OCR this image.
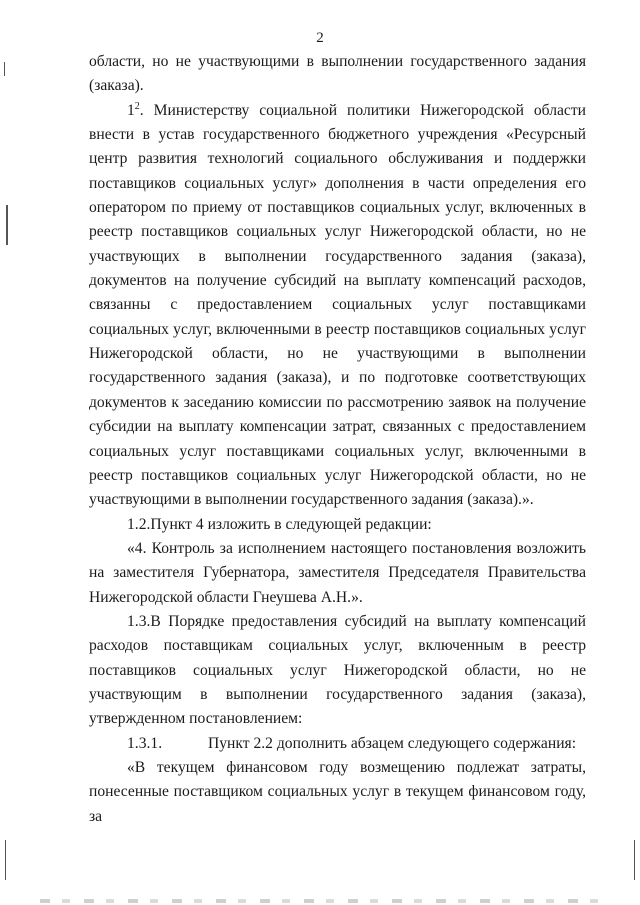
2

области, но не участвующими в выполнении государственного задания (заказа).

$1^2$. Министерству социальной политики Нижегородской области внести в устав государственного бюджетного учреждения «Ресурсный центр развития технологий социального обслуживания и поддержки поставщиков социальных услуг» дополнения в части определения его оператором по приему от поставщиков социальных услуг, включенных в реестр поставщиков социальных услуг Нижегородской области, но не участвующих в выполнении государственного задания (заказа), документов на получение субсидий на выплату компенсаций расходов, связанны с предоставлением социальных услуг поставщиками социальных услуг, включенными в реестр поставщиков социальных услуг Нижегородской области, но не участвующими в выполнении государственного задания (заказа), и по подготовке соответствующих документов к заседанию комиссии по рассмотрению заявок на получение субсидии на выплату компенсации затрат, связанных с предоставлением социальных услуг поставщиками социальных услуг, включенными в реестр поставщиков социальных услуг Нижегородской области, но не участвующими в выполнении государственного задания (заказа).».

1.2.Пункт 4 изложить в следующей редакции:

«4. Контроль за исполнением настоящего постановления возложить на заместителя Губернатора, заместителя Председателя Правительства Нижегородской области Гнеушева А.Н.».

1.3.В Порядке предоставления субсидий на выплату компенсаций расходов поставщикам социальных услуг, включенным в реестр поставщиков социальных услуг Нижегородской области, но не участвующим в выполнении государственного задания (заказа), утвержденном постановлением:

1.3.1.	Пункт 2.2 дополнить абзацем следующего содержания:

«В текущем финансовом году возмещению подлежат затраты, понесенные поставщиком социальных услуг в текущем финансовом году, за
